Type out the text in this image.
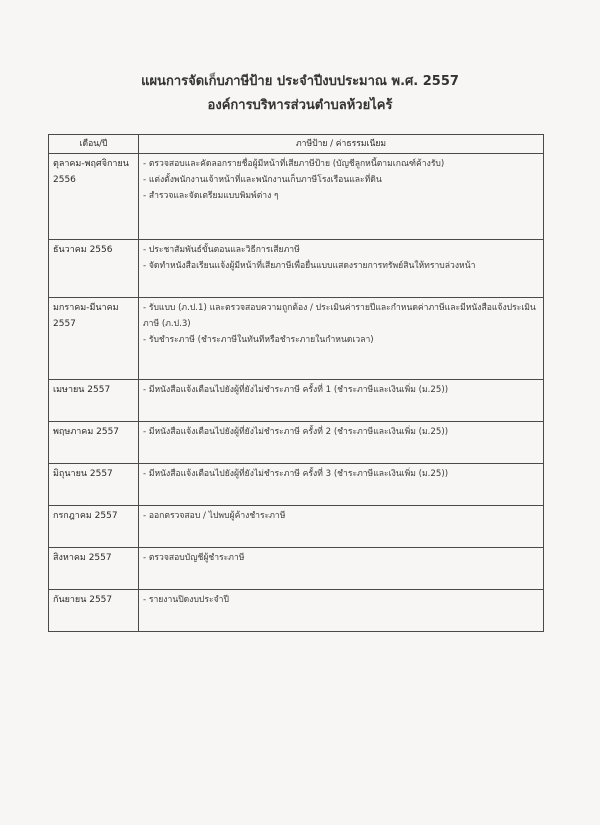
แผนการจัดเก็บภาษีป้าย ประจำปีงบประมาณ พ.ศ. 2557
องค์การบริหารส่วนตำบลห้วยไคร้
เดือน/ปี	ภาษีป้าย / ค่าธรรมเนียม
ตุลาคม-พฤศจิกายน 2556	- ตรวจสอบและคัดลอกรายชื่อผู้มีหน้าที่เสียภาษีป้าย (บัญชีลูกหนี้ตามเกณฑ์ค้างรับ)
- แต่งตั้งพนักงานเจ้าหน้าที่และพนักงานเก็บภาษีโรงเรือนและที่ดิน
- สำรวจและจัดเตรียมแบบพิมพ์ต่าง ๆ

ธันวาคม 2556	- ประชาสัมพันธ์ขั้นตอนและวิธีการเสียภาษี
- จัดทำหนังสือเรียนแจ้งผู้มีหน้าที่เสียภาษีเพื่อยื่นแบบแสดงรายการทรัพย์สินให้ทราบล่วงหน้า

มกราคม-มีนาคม 2557	- รับแบบ (ภ.ป.1) และตรวจสอบความถูกต้อง / ประเมินค่ารายปีและกำหนดค่าภาษีและมีหนังสือแจ้งประเมินภาษี (ภ.ป.3)
- รับชำระภาษี (ชำระภาษีในทันทีหรือชำระภายในกำหนดเวลา)

เมษายน 2557	- มีหนังสือแจ้งเตือนไปยังผู้ที่ยังไม่ชำระภาษี ครั้งที่ 1 (ชำระภาษีและเงินเพิ่ม (ม.25))

พฤษภาคม 2557	- มีหนังสือแจ้งเตือนไปยังผู้ที่ยังไม่ชำระภาษี ครั้งที่ 2 (ชำระภาษีและเงินเพิ่ม (ม.25))

มิถุนายน 2557	- มีหนังสือแจ้งเตือนไปยังผู้ที่ยังไม่ชำระภาษี ครั้งที่ 3 (ชำระภาษีและเงินเพิ่ม (ม.25))

กรกฎาคม 2557	- ออกตรวจสอบ / ไปพบผู้ค้างชำระภาษี

สิงหาคม 2557	- ตรวจสอบบัญชีผู้ชำระภาษี

กันยายน 2557	- รายงานปิดงบประจำปี
